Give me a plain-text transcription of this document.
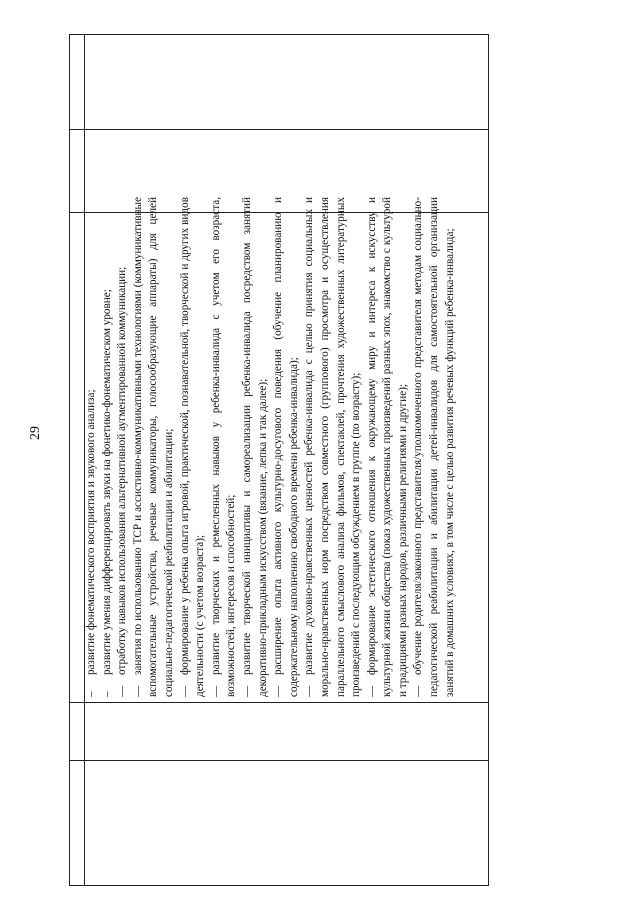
29

–развитие фонематического восприятия и звукового анализа;

–развитие умения дифференцировать звуки на фонетико-фонематическом уровне;

—отработку навыков использования альтернативной аугментированной коммуникации;

—занятия по использованию ТСР и ассистивно-коммуникативными технологиями (коммуникативные вспомогательные устройства, речевые коммуникаторы, голосообразующие аппараты) для целей социально-педагогической реабилитации и абилитации; —формирование у ребенка опыта игровой, практической, познавательной, творческой и других видов деятельности (с учетом возраста); —развитие творческих и ремесленных навыков у ребенка-инвалида с учетом его возраста, возможностей, интересов и способностей; —развитие творческой инициативы и самореализации ребенка-инвалида посредством занятий декоративно-прикладным искусством (вязание, лепка и так далее); —расширение опыта активного культурно-досугового поведения (обучение планированию и содержательному наполнению свободного времени ребенка-инвалида); —развитие духовно-нравственных ценностей ребенка-инвалида с целью принятия социальных и морально-нравственных норм посредством совместного (группового) просмотра и осуществления параллельного смыслового анализа фильмов, спектаклей, прочтения художественных литературных произведений с последующим обсуждением в группе (по возрасту); —формирование эстетического отношения к окружающему миру и интереса к искусству и культурной жизни общества (показ художественных произведений разных эпох, знакомство с культурой и традициями разных народов, различными религиями и другие); —обучение родителя/законного представителя/уполномоченного представителя методам социально-педагогической реабилитации и абилитации детей-инвалидов для самостоятельной организации занятий в домашних условиях, в том числе с целью развития речевых функций ребенка-инвалида;
